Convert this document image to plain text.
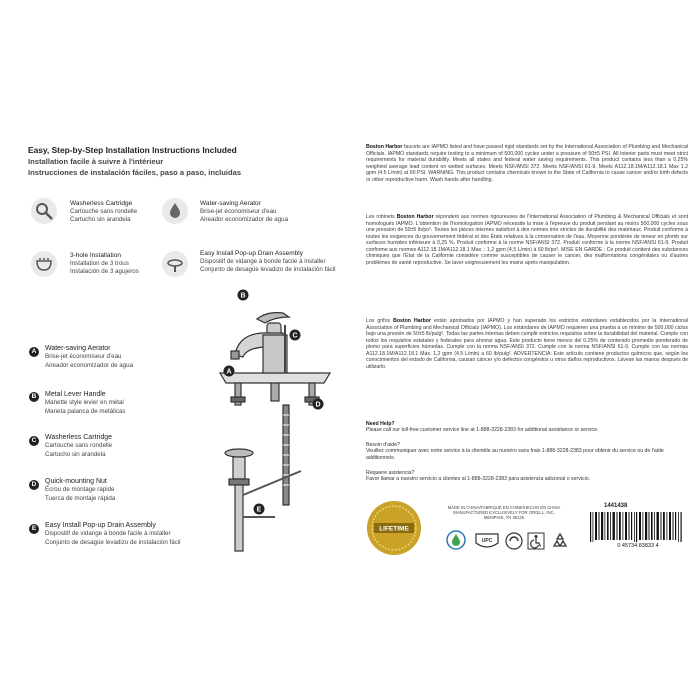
Easy, Step-by-Step Installation Instructions Included
Installation facile à suivre à l'intérieur
Instrucciones de instalación fáciles, paso a paso, incluidas
Washerless Cartridge
Cartouche sans rondelle
Cartucho sin arandela
Water-saving Aerator
Brise-jet économiseur d'eau
Aireador economizador de agua
3-hole Installation
Installation de 3 trous
Instalación de 3 agujeros
Easy Install Pop-up Drain Assembly
Dispositif de vidange à bonde facile à installer
Conjunto de desagüe levadizo de instalación fácil
A	Water-saving Aerator
Brise-jet économiseur d'eau
Aireador economizador de agua
B	Metal Lever Handle
Manette style levier en métal
Maneta palanca de metálicas
C	Washerless Cartridge
Cartouche sans rondelle
Cartucho sin arandela
D	Quick-mounting Nut
Écrou de montage rapide
Tuerca de montaje rápida
E	Easy Install Pop-up Drain Assembly
Dispositif de vidange à bonde facile à installer
Conjunto de desagüe levadizo de instalación fácil
B
C
A
D
E
Boston Harbor faucets are IAPMO listed and have passed rigid standards set by the International Association of Plumbing and Mechanical Officials. IAPMO standards require testing to a minimum of 500,000 cycles under a pressure of 50±5 PSI. All interior parts must meet strict requirements for material durability. Meets all states and federal water saving requirements. This product contains less than a 0.25% weighted average lead content on wetted surfaces. Meets NSF/ANSI 372. Meets NSF/ANSI 61-9. Meets A112.18.1M/A112.18.1 Max 1.2 gpm (4.5 L/min) at 60 PSI. WARNING: This product contains chemicals known to the State of California to cause cancer and/or birth defects or other reproductive harm. Wash hands after handling.
Les robinets Boston Harbor répondent aux normes rigoureuses de l'International Association of Plumbing & Mechanical Officials et sont homologués IAPMO. L'obtention de l'homologation IAPMO nécessite la mise à l'épreuve du produit pendant au moins 500,000 cycles sous une pression de 50±5 lb/po². Toutes les pièces internes satisfont à des normes très strictes de durabilité des matériaux. Produit conforme à toutes les exigences du gouvernement fédéral et des États relatives à la conservation de l'eau. Moyenne pondérée de teneur en plomb sur surfaces humides inférieure à 0,25 %. Produit conforme à la norme NSF/ANSI 372. Produit conforme à la norme NSF/ANSI 61-9. Produit conforme aux normes A112.18.1M/A112.18.1 Max. : 1,2 gpm (4,5 L/min) à 60 lb/po². MISE EN GARDE : Ce produit contient des substances chimiques que l'État de la Californie considère comme susceptibles de causer le cancer, des malformations congénitales ou d'autres problèmes de santé reproductive. Se laver soigneusement les mains après manipulation.
Los grifos Boston Harbor están aprobados por IAPMO y han superado los estrictos estándares establecidos por la International Association of Plumbing and Mechanical Officials (IAPMO). Los estándares de IAPMO requieren una prueba a un mínimo de 500,000 ciclos bajo una presión de 50±5 lb/pulg². Todas las partes internas deben cumplir estrictos requisitos sobre la durabilidad del material. Cumple con todos los requisitos estatales y federales para ahorrar agua. Este producto tiene menos del 0.25% de contenido promedio ponderado de plomo para superficies húmedas. Cumple con la norma NSF/ANSI 372. Cumple con la norma NSF/ANSI 61-9. Cumple con las normas A112.18.1M/A112.18.1 Máx. 1,2 gpm (4,5 L/min) a 60 lb/pulg². ADVERTENCIA: Este artículo contiene productos químicos que, según los conocimientos del estado de California, causan cáncer y/o defectos congénitos u otros daños reproductivos. Lávese las manos después de utilizarlo.
Need Help?
Please call our toll-free customer service line at 1-888-3228-2383 for additional assistance or service.
Besoin d'aide?
Veuillez communiquer avec notre service à la clientèle au numéro sans frais 1-888-3228-2383 pour obtenir du service ou de l'aide additionnels.
Requiere asistencia?
Favor llamar a nuestro servicio a clientes al 1-888-3228-2383 para asistencia adicional o servicio.
LIFETIME
MADE IN CHINA/FABRIQUÉ EN CHINE/HECHO EN CHINA
MANUFACTURED EXCLUSIVELY FOR ORGILL, INC.
MEMPHIS, TN 38125
UPC
1441438
0 45734 83833 4
